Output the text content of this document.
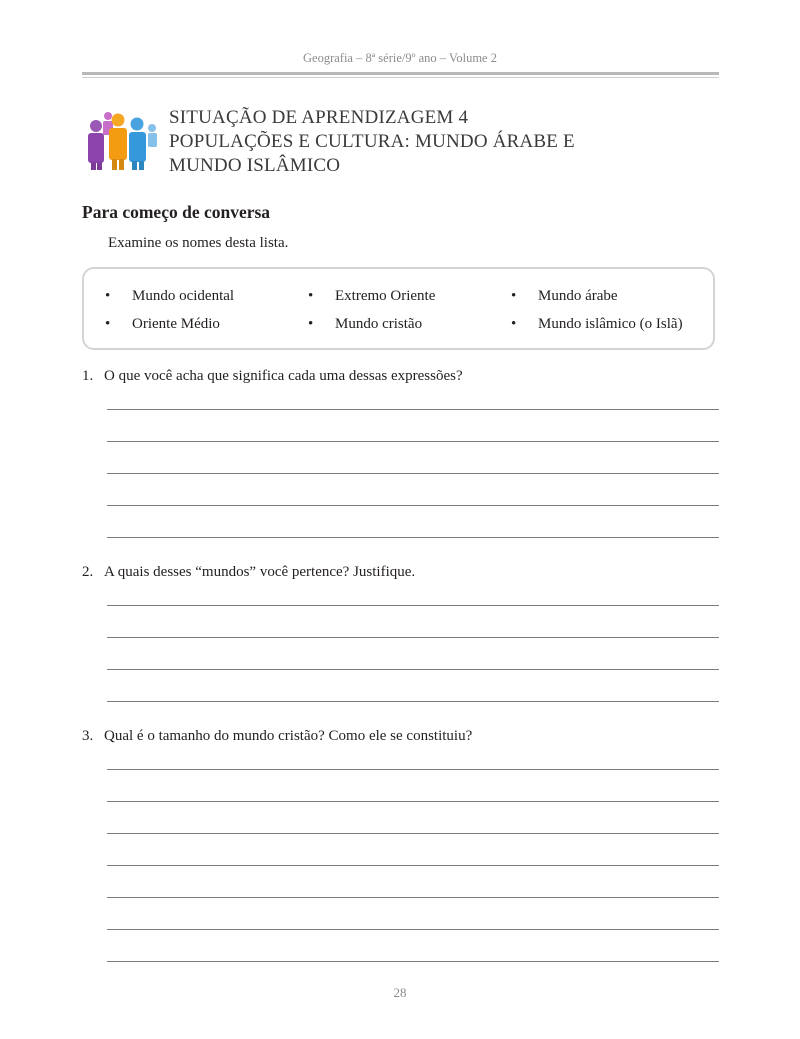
Geografia – 8ª série/9º ano – Volume 2
SITUAÇÃO DE APRENDIZAGEM 4
POPULAÇÕES E CULTURA: MUNDO ÁRABE E
MUNDO ISLÂMICO
Para começo de conversa
Examine os nomes desta lista.
• Mundo ocidental	• Extremo Oriente	• Mundo árabe
• Oriente Médio	• Mundo cristão	• Mundo islâmico (o Islã)
1. O que você acha que significa cada uma dessas expressões?
2. A quais desses “mundos” você pertence? Justifique.
3. Qual é o tamanho do mundo cristão? Como ele se constituiu?
28
